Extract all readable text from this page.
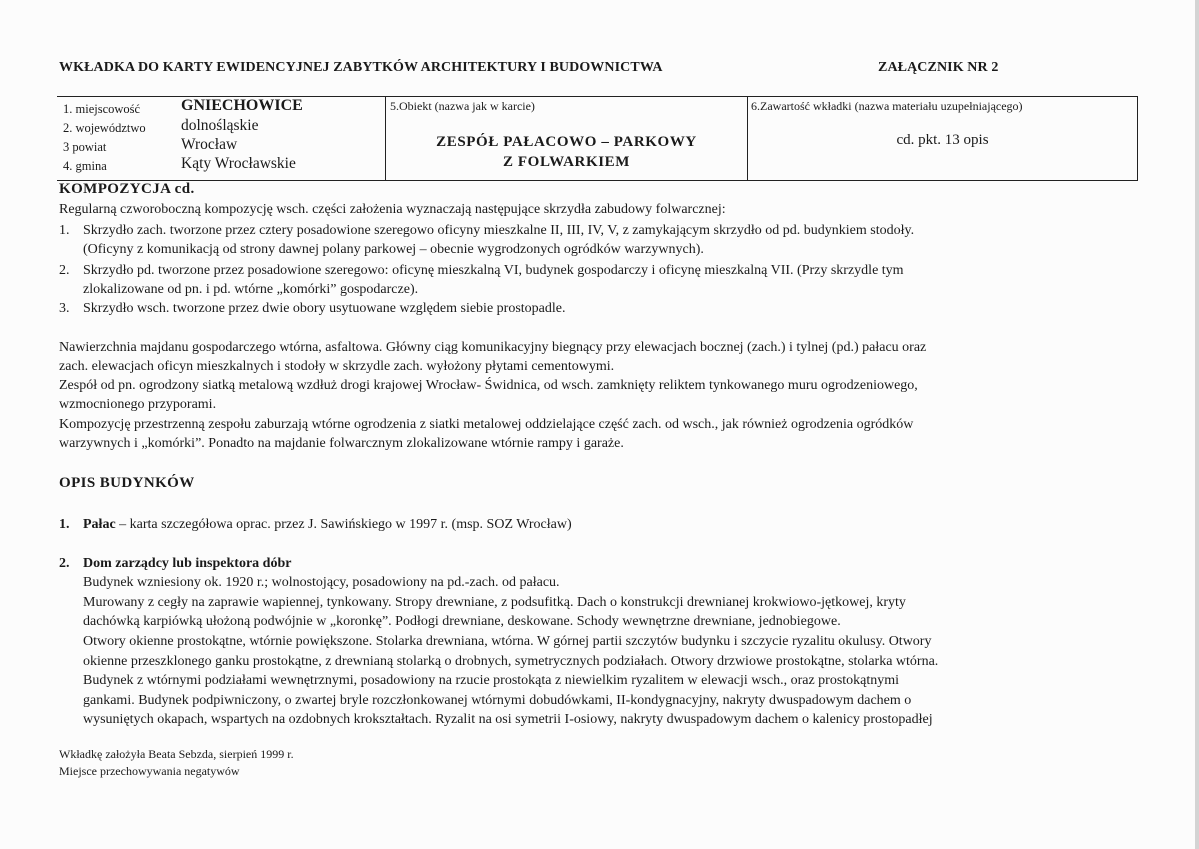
WKŁADKA DO KARTY EWIDENCYJNEJ ZABYTKÓW ARCHITEKTURY I BUDOWNICTWA	ZAŁĄCZNIK NR 2
1. miejscowość	GNIECHOWICE
2. województwo dolnośląskie
3 powiat	Wrocław
4. gmina	Kąty Wrocławskie
5.Obiekt (nazwa jak w karcie)
ZESPÓŁ PAŁACOWO – PARKOWY
Z FOLWARKIEM
6.Zawartość wkładki (nazwa materiału uzupełniającego)
cd. pkt. 13 opis
KOMPOZYCJA cd.
Regularną czworoboczną kompozycję wsch. części założenia wyznaczają następujące skrzydła zabudowy folwarcznej:
1. Skrzydło zach. tworzone przez cztery posadowione szeregowo oficyny mieszkalne II, III, IV, V, z zamykającym skrzydło od pd. budynkiem stodoły.
(Oficyny z komunikacją od strony dawnej polany parkowej – obecnie wygrodzonych ogródków warzywnych).
2. Skrzydło pd. tworzone przez posadowione szeregowo: oficynę mieszkalną VI, budynek gospodarczy i oficynę mieszkalną VII. (Przy skrzydle tym
zlokalizowane od pn. i pd. wtórne „komórki” gospodarcze).
3. Skrzydło wsch. tworzone przez dwie obory usytuowane względem siebie prostopadle.
Nawierzchnia majdanu gospodarczego wtórna, asfaltowa. Główny ciąg komunikacyjny biegnący przy elewacjach bocznej (zach.) i tylnej (pd.) pałacu oraz
zach. elewacjach oficyn mieszkalnych i stodoły w skrzydle zach. wyłożony płytami cementowymi.
Zespół od pn. ogrodzony siatką metalową wzdłuż drogi krajowej Wrocław- Świdnica, od wsch. zamknięty reliktem tynkowanego muru ogrodzeniowego,
wzmocnionego przyporami.
Kompozycję przestrzenną zespołu zaburzają wtórne ogrodzenia z siatki metalowej oddzielające część zach. od wsch., jak również ogrodzenia ogródków
warzywnych i „komórki”. Ponadto na majdanie folwarcznym zlokalizowane wtórnie rampy i garaże.
OPIS BUDYNKÓW
1. Pałac – karta szczegółowa oprac. przez J. Sawińskiego w 1997 r. (msp. SOZ Wrocław)
2. Dom zarządcy lub inspektora dóbr
Budynek wzniesiony ok. 1920 r.; wolnostojący, posadowiony na pd.-zach. od pałacu.
Murowany z cegły na zaprawie wapiennej, tynkowany. Stropy drewniane, z podsufitką. Dach o konstrukcji drewnianej krokwiowo-jętkowej, kryty
dachówką karpiówką ułożoną podwójnie w „koronkę”. Podłogi drewniane, deskowane. Schody wewnętrzne drewniane, jednobiegowe.
Otwory okienne prostokątne, wtórnie powiększone. Stolarka drewniana, wtórna. W górnej partii szczytów budynku i szczycie ryzalitu okulusy. Otwory
okienne przeszklonego ganku prostokątne, z drewnianą stolarką o drobnych, symetrycznych podziałach. Otwory drzwiowe prostokątne, stolarka wtórna.
Budynek z wtórnymi podziałami wewnętrznymi, posadowiony na rzucie prostokąta z niewielkim ryzalitem w elewacji wsch., oraz prostokątnymi
gankami. Budynek podpiwniczony, o zwartej bryle rozczłonkowanej wtórnymi dobudówkami, II-kondygnacyjny, nakryty dwuspadowym dachem o
wysuniętych okapach, wspartych na ozdobnych krokształtach. Ryzalit na osi symetrii I-osiowy, nakryty dwuspadowym dachem o kalenicy prostopadłej
Wkładkę założyła Beata Sebzda, sierpień 1999 r.
Miejsce przechowywania negatywów
